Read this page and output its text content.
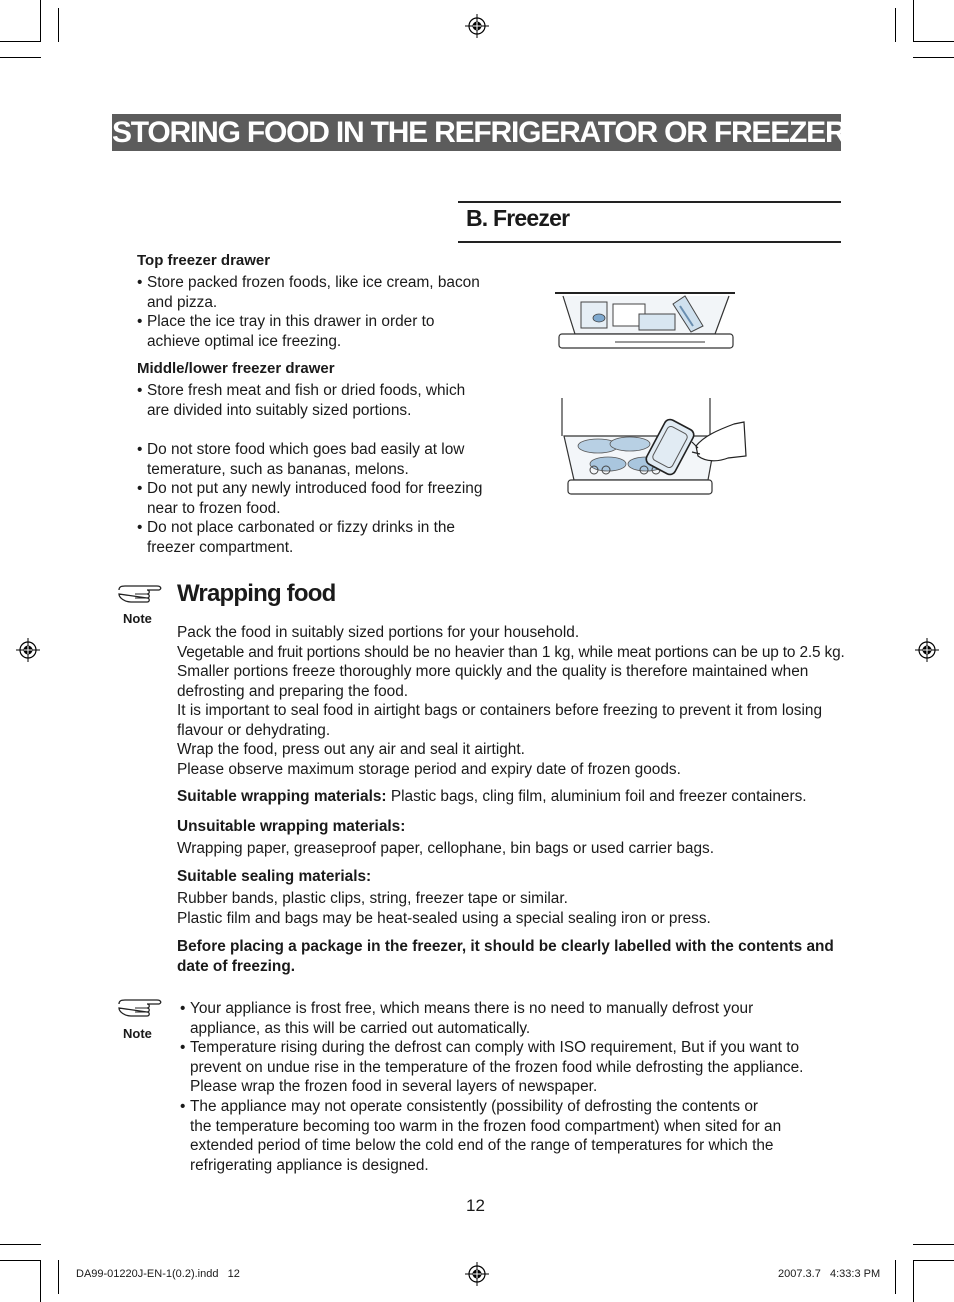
STORING FOOD IN THE REFRIGERATOR OR FREEZER
B. Freezer
Top freezer drawer
• Store packed frozen foods, like ice cream, bacon
and pizza.
• Place the ice tray in this drawer in order to
achieve optimal ice freezing.
Middle/lower freezer drawer
• Store fresh meat and fish or dried foods, which
are divided into suitably sized portions.
• Do not store food which goes bad easily at low
temerature, such as bananas, melons.
• Do not put any newly introduced food for freezing
near to frozen food.
• Do not place carbonated or fizzy drinks in the
freezer compartment.
Note
Wrapping food
Pack the food in suitably sized portions for your household.
Vegetable and fruit portions should be no heavier than 1 kg, while meat portions can be up to 2.5 kg.
Smaller portions freeze thoroughly more quickly and the quality is therefore maintained when
defrosting and preparing the food.
It is important to seal food in airtight bags or containers before freezing to prevent it from losing
flavour or dehydrating.
Wrap the food, press out any air and seal it airtight.
Please observe maximum storage period and expiry date of frozen goods.
Suitable wrapping materials: Plastic bags, cling film, aluminium foil and freezer containers.
Unsuitable wrapping materials:
Wrapping paper, greaseproof paper, cellophane, bin bags or used carrier bags.
Suitable sealing materials:
Rubber bands, plastic clips, string, freezer tape or similar.
Plastic film and bags may be heat-sealed using a special sealing iron or press.
Before placing a package in the freezer, it should be clearly labelled with the contents and
date of freezing.
Note
• Your appliance is frost free, which means there is no need to manually defrost your
appliance, as this will be carried out automatically.
• Temperature rising during the defrost can comply with ISO requirement, But if you want to
prevent on undue rise in the temperature of the frozen food while defrosting the appliance.
Please wrap the frozen food in several layers of newspaper.
• The appliance may not operate consistently (possibility of defrosting the contents or
the temperature becoming too warm in the frozen food compartment) when sited for an
extended period of time below the cold end of the range of temperatures for which the
refrigerating appliance is designed.
12
DA99-01220J-EN-1(0.2).indd   12	2007.3.7   4:33:3 PM
